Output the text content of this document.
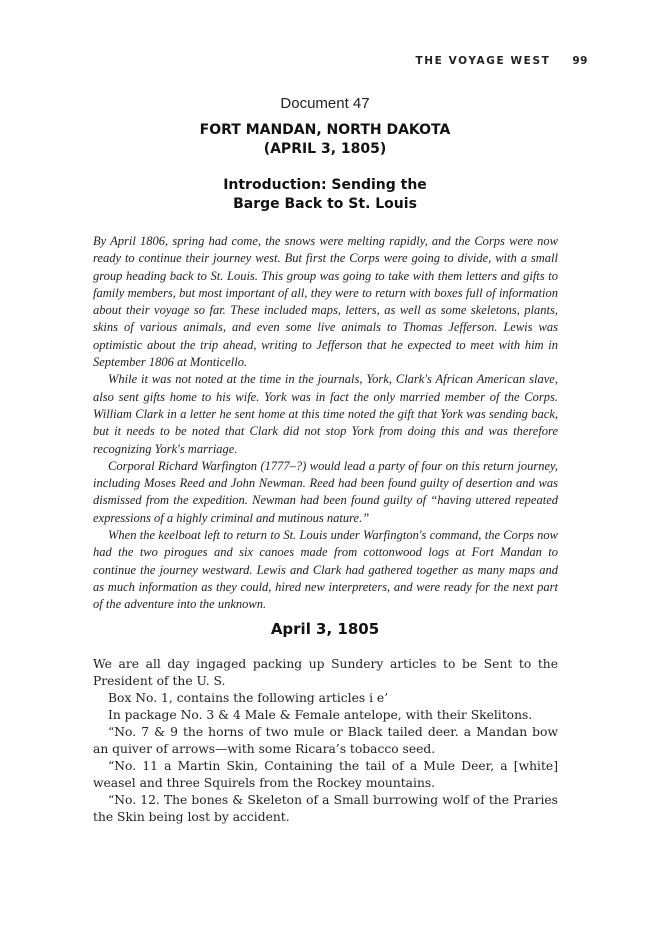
THE VOYAGE WEST 99
Document 47
FORT MANDAN, NORTH DAKOTA
(APRIL 3, 1805)
Introduction: Sending the
Barge Back to St. Louis

By April 1806, spring had come, the snows were melting rapidly, and the Corps were now ready to continue their journey west. But first the Corps were going to divide, with a small group heading back to St. Louis. This group was going to take with them letters and gifts to family members, but most important of all, they were to return with boxes full of information about their voyage so far. These included maps, letters, as well as some skeletons, plants, skins of various animals, and even some live animals to Thomas Jefferson. Lewis was optimistic about the trip ahead, writing to Jefferson that he expected to meet with him in September 1806 at Monticello.

While it was not noted at the time in the journals, York, Clark's African American slave, also sent gifts home to his wife. York was in fact the only married member of the Corps. William Clark in a letter he sent home at this time noted the gift that York was sending back, but it needs to be noted that Clark did not stop York from doing this and was therefore recognizing York's marriage.

Corporal Richard Warfington (1777–?) would lead a party of four on this return journey, including Moses Reed and John Newman. Reed had been found guilty of desertion and was dismissed from the expedition. Newman had been found guilty of “having uttered repeated expressions of a highly criminal and mutinous nature.”

When the keelboat left to return to St. Louis under Warfington's command, the Corps now had the two pirogues and six canoes made from cottonwood logs at Fort Mandan to continue the journey westward. Lewis and Clark had gathered together as many maps and as much information as they could, hired new interpreters, and were ready for the next part of the adventure into the unknown.

April 3, 1805

We are all day ingaged packing up Sundery articles to be Sent to the President of the U. S.

Box No. 1, contains the following articles i e’

In package No. 3 & 4 Male & Female antelope, with their Skelitons.

“No. 7 & 9 the horns of two mule or Black tailed deer. a Mandan bow an quiver of arrows—with some Ricara’s tobacco seed.

“No. 11 a Martin Skin, Containing the tail of a Mule Deer, a [white] weasel and three Squirels from the Rockey mountains.

“No. 12. The bones & Skeleton of a Small burrowing wolf of the Praries the Skin being lost by accident.
